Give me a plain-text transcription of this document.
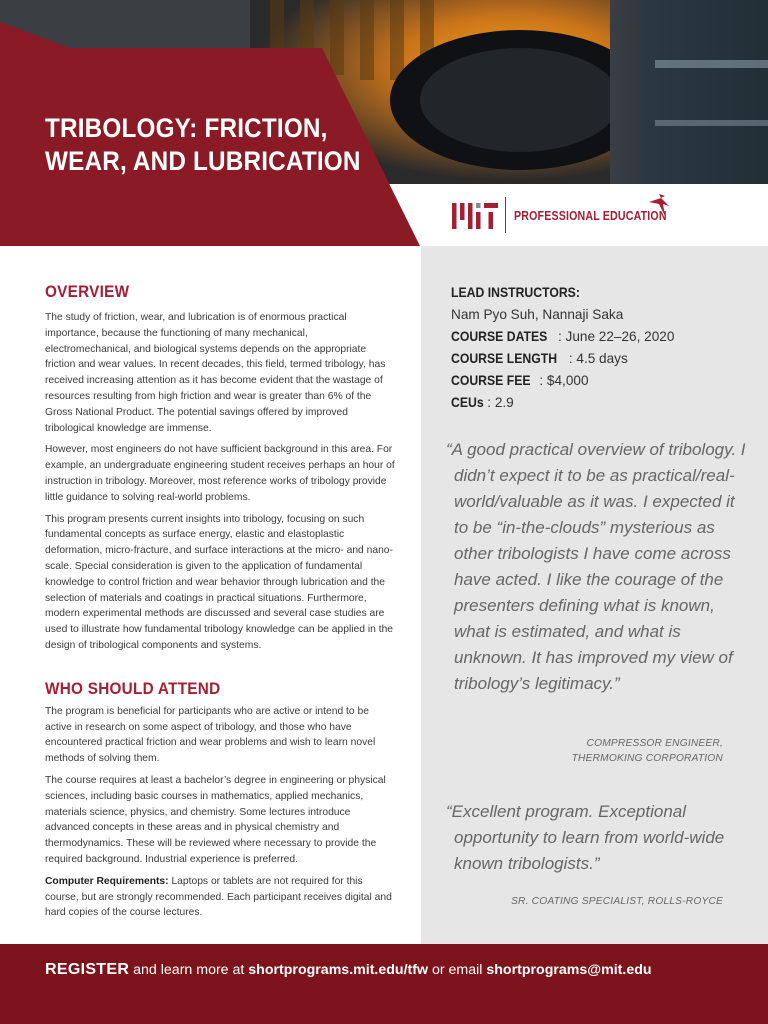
TRIBOLOGY: FRICTION,
WEAR, AND LUBRICATION
PROFESSIONAL EDUCATION
OVERVIEW

The study of friction, wear, and lubrication is of enormous practical importance, because the functioning of many mechanical, electromechanical, and biological systems depends on the appropriate friction and wear values. In recent decades, this field, termed tribology, has received increasing attention as it has become evident that the wastage of resources resulting from high friction and wear is greater than 6% of the Gross National Product. The potential savings offered by improved tribological knowledge are immense.

However, most engineers do not have sufficient background in this area. For example, an undergraduate engineering student receives perhaps an hour of instruction in tribology. Moreover, most reference works of tribology provide little guidance to solving real-world problems.

This program presents current insights into tribology, focusing on such fundamental concepts as surface energy, elastic and elastoplastic deformation, micro-fracture, and surface interactions at the micro- and nano-scale. Special consideration is given to the application of fundamental knowledge to control friction and wear behavior through lubrication and the selection of materials and coatings in practical situations. Furthermore, modern experimental methods are discussed and several case studies are used to illustrate how fundamental tribology knowledge can be applied in the design of tribological components and systems.

WHO SHOULD ATTEND

The program is beneficial for participants who are active or intend to be active in research on some aspect of tribology, and those who have encountered practical friction and wear problems and wish to learn novel methods of solving them.

The course requires at least a bachelor’s degree in engineering or physical sciences, including basic courses in mathematics, applied mechanics, materials science, physics, and chemistry. Some lectures introduce advanced concepts in these areas and in physical chemistry and thermodynamics. These will be reviewed where necessary to provide the required background. Industrial experience is preferred.

Computer Requirements: Laptops or tablets are not required for this course, but are strongly recommended. Each participant receives digital and hard copies of the course lectures.

LEAD INSTRUCTORS:
Nam Pyo Suh, Nannaji Saka
COURSE DATES : June 22–26, 2020
COURSE LENGTH : 4.5 days
COURSE FEE : $4,000
CEUs : 2.9

“A good practical overview of tribology. I didn’t expect it to be as practical/real-world/valuable as it was. I expected it to be “in-the-clouds” mysterious as other tribologists I have come across have acted. I like the courage of the presenters defining what is known, what is estimated, and what is unknown. It has improved my view of tribology’s legitimacy.”

COMPRESSOR ENGINEER,
THERMOKING CORPORATION

“Excellent program. Exceptional opportunity to learn from world-wide known tribologists.”

SR. COATING SPECIALIST, ROLLS-ROYCE
REGISTER and learn more at shortprograms.mit.edu/tfw or email shortprograms@mit.edu
